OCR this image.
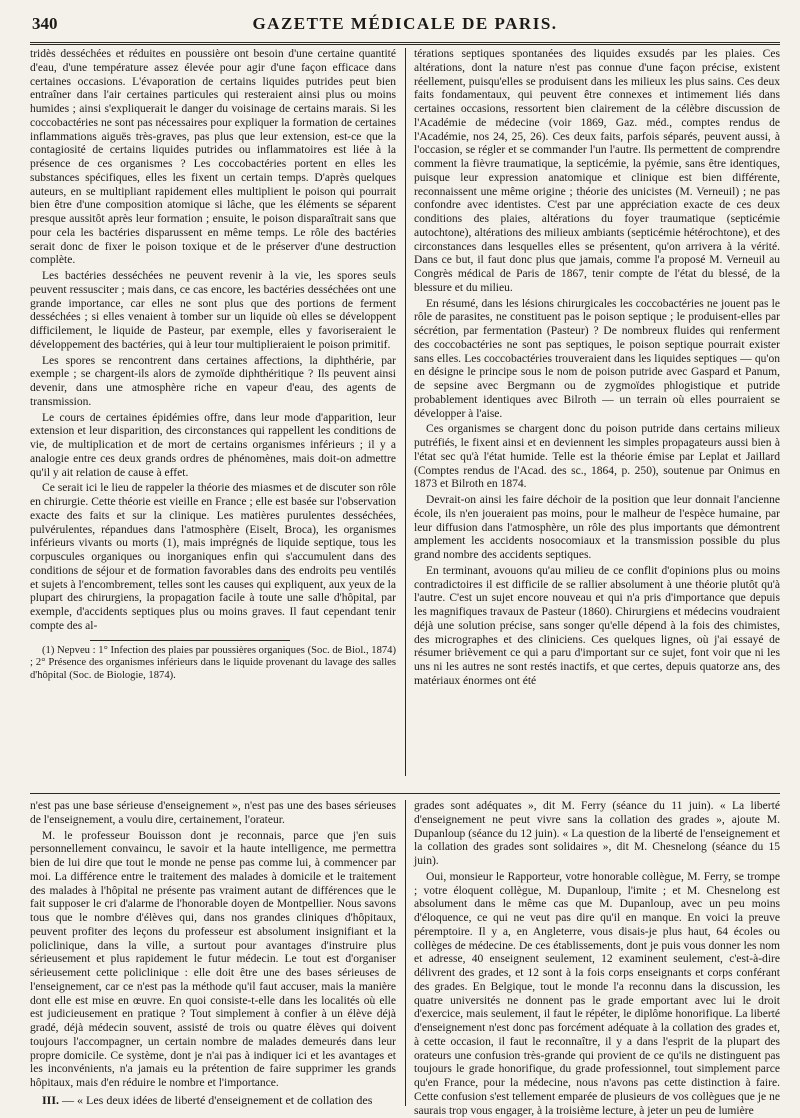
340	GAZETTE MÉDICALE DE PARIS.

tridès desséchées et réduites en poussière ont besoin d'une certaine quantité d'eau, d'une température assez élevée pour agir d'une façon efficace dans certaines occasions. L'évaporation de certains liquides putrides peut bien entraîner dans l'air certaines particules qui resteraient ainsi plus ou moins humides ; ainsi s'expliquerait le danger du voisinage de certains marais. Si les coccobactéries ne sont pas nécessaires pour expliquer la formation de certaines inflammations aiguës très-graves, pas plus que leur extension, est-ce que la contagiosité de certains liquides putrides ou inflammatoires est liée à la présence de ces organismes ? Les coccobactéries portent en elles les substances spécifiques, elles les fixent un certain temps. D'après quelques auteurs, en se multipliant rapidement elles multiplient le poison qui pourrait bien être d'une composition atomique si lâche, que les éléments se séparent presque aussitôt après leur formation ; ensuite, le poison disparaîtrait sans que pour cela les bactéries disparussent en même temps. Le rôle des bactéries serait donc de fixer le poison toxique et de le préserver d'une destruction complète.

Les bactéries desséchées ne peuvent revenir à la vie, les spores seuls peuvent ressusciter ; mais dans, ce cas encore, les bactéries desséchées ont une grande importance, car elles ne sont plus que des portions de ferment desséchées ; si elles venaient à tomber sur un liquide où elles se développent difficilement, le liquide de Pasteur, par exemple, elles y favoriseraient le développement des bactéries, qui à leur tour multiplieraient le poison primitif.

Les spores se rencontrent dans certaines affections, la diphthérie, par exemple ; se chargent-ils alors de zymoïde diphthéritique ? Ils peuvent ainsi devenir, dans une atmosphère riche en vapeur d'eau, des agents de transmission.

Le cours de certaines épidémies offre, dans leur mode d'apparition, leur extension et leur disparition, des circonstances qui rappellent les conditions de vie, de multiplication et de mort de certains organismes inférieurs ; il y a analogie entre ces deux grands ordres de phénomènes, mais doit-on admettre qu'il y ait relation de cause à effet.

Ce serait ici le lieu de rappeler la théorie des miasmes et de discuter son rôle en chirurgie. Cette théorie est vieille en France ; elle est basée sur l'observation exacte des faits et sur la clinique. Les matières purulentes desséchées, pulvérulentes, répandues dans l'atmosphère (Eiselt, Broca), les organismes inférieurs vivants ou morts (1), mais imprégnés de liquide septique, tous les corpuscules organiques ou inorganiques enfin qui s'accumulent dans des conditions de séjour et de formation favorables dans des endroits peu ventilés et sujets à l'encombrement, telles sont les causes qui expliquent, aux yeux de la plupart des chirurgiens, la propagation facile à toute une salle d'hôpital, par exemple, d'accidents septiques plus ou moins graves. Il faut cependant tenir compte des al-

(1) Nepveu : 1° Infection des plaies par poussières organiques (Soc. de Biol., 1874) ; 2° Présence des organismes inférieurs dans le liquide provenant du lavage des salles d'hôpital (Soc. de Biologie, 1874).

térations septiques spontanées des liquides exsudés par les plaies. Ces altérations, dont la nature n'est pas connue d'une façon précise, existent réellement, puisqu'elles se produisent dans les milieux les plus sains. Ces deux faits fondamentaux, qui peuvent être connexes et intimement liés dans certaines occasions, ressortent bien clairement de la célèbre discussion de l'Académie de médecine (voir 1869, Gaz. méd., comptes rendus de l'Académie, nos 24, 25, 26). Ces deux faits, parfois séparés, peuvent aussi, à l'occasion, se régler et se commander l'un l'autre. Ils permettent de comprendre comment la fièvre traumatique, la septicémie, la pyémie, sans être identiques, puisque leur expression anatomique et clinique est bien différente, reconnaissent une même origine ; théorie des unicistes (M. Verneuil) ; ne pas confondre avec identistes. C'est par une appréciation exacte de ces deux conditions des plaies, altérations du foyer traumatique (septicémie autochtone), altérations des milieux ambiants (septicémie hétérochtone), et des circonstances dans lesquelles elles se présentent, qu'on arrivera à la vérité. Dans ce but, il faut donc plus que jamais, comme l'a proposé M. Verneuil au Congrès médical de Paris de 1867, tenir compte de l'état du blessé, de la blessure et du milieu.

En résumé, dans les lésions chirurgicales les coccobactéries ne jouent pas le rôle de parasites, ne constituent pas le poison septique ; le produisent-elles par sécrétion, par fermentation (Pasteur) ? De nombreux fluides qui renferment des coccobactéries ne sont pas septiques, le poison septique pourrait exister sans elles. Les coccobactéries trouveraient dans les liquides septiques — qu'on en désigne le principe sous le nom de poison putride avec Gaspard et Panum, de sepsine avec Bergmann ou de zygmoïdes phlogistique et putride probablement identiques avec Bilroth — un terrain où elles pourraient se développer à l'aise.

Ces organismes se chargent donc du poison putride dans certains milieux putréfiés, le fixent ainsi et en deviennent les simples propagateurs aussi bien à l'état sec qu'à l'état humide. Telle est la théorie émise par Leplat et Jaillard (Comptes rendus de l'Acad. des sc., 1864, p. 250), soutenue par Onimus en 1873 et Bilroth en 1874.

Devrait-on ainsi les faire déchoir de la position que leur donnait l'ancienne école, ils n'en joueraient pas moins, pour le malheur de l'espèce humaine, par leur diffusion dans l'atmosphère, un rôle des plus importants que démontrent amplement les accidents nosocomiaux et la transmission possible du plus grand nombre des accidents septiques.

En terminant, avouons qu'au milieu de ce conflit d'opinions plus ou moins contradictoires il est difficile de se rallier absolument à une théorie plutôt qu'à l'autre. C'est un sujet encore nouveau et qui n'a pris d'importance que depuis les magnifiques travaux de Pasteur (1860). Chirurgiens et médecins voudraient déjà une solution précise, sans songer qu'elle dépend à la fois des chimistes, des micrographes et des cliniciens. Ces quelques lignes, où j'ai essayé de résumer brièvement ce qui a paru d'important sur ce sujet, font voir que ni les uns ni les autres ne sont restés inactifs, et que certes, depuis quatorze ans, des matériaux énormes ont été

n'est pas une base sérieuse d'enseignement », n'est pas une des bases sérieuses de l'enseignement, a voulu dire, certainement, l'orateur.

M. le professeur Bouisson dont je reconnais, parce que j'en suis personnellement convaincu, le savoir et la haute intelligence, me permettra bien de lui dire que tout le monde ne pense pas comme lui, à commencer par moi. La différence entre le traitement des malades à domicile et le traitement des malades à l'hôpital ne présente pas vraiment autant de différences que le fait supposer le cri d'alarme de l'honorable doyen de Montpellier. Nous savons tous que le nombre d'élèves qui, dans nos grandes cliniques d'hôpitaux, peuvent profiter des leçons du professeur est absolument insignifiant et la policlinique, dans la ville, a surtout pour avantages d'instruire plus sérieusement et plus rapidement le futur médecin. Le tout est d'organiser sérieusement cette policlinique : elle doit être une des bases sérieuses de l'enseignement, car ce n'est pas la méthode qu'il faut accuser, mais la manière dont elle est mise en œuvre. En quoi consiste-t-elle dans les localités où elle est judicieusement en pratique ? Tout simplement à confier à un élève déjà gradé, déjà médecin souvent, assisté de trois ou quatre élèves qui doivent toujours l'accompagner, un certain nombre de malades demeurés dans leur propre domicile. Ce système, dont je n'ai pas à indiquer ici et les avantages et les inconvénients, n'a jamais eu la prétention de faire supprimer les grands hôpitaux, mais d'en réduire le nombre et l'importance.

III. — « Les deux idées de liberté d'enseignement et de collation des

grades sont adéquates », dit M. Ferry (séance du 11 juin). « La liberté d'enseignement ne peut vivre sans la collation des grades », ajoute M. Dupanloup (séance du 12 juin). « La question de la liberté de l'enseignement et la collation des grades sont solidaires », dit M. Chesnelong (séance du 15 juin).

Oui, monsieur le Rapporteur, votre honorable collègue, M. Ferry, se trompe ; votre éloquent collègue, M. Dupanloup, l'imite ; et M. Chesnelong est absolument dans le même cas que M. Dupanloup, avec un peu moins d'éloquence, ce qui ne veut pas dire qu'il en manque. En voici la preuve péremptoire. Il y a, en Angleterre, vous disais-je plus haut, 64 écoles ou collèges de médecine. De ces établissements, dont je puis vous donner les nom et adresse, 40 enseignent seulement, 12 examinent seulement, c'est-à-dire délivrent des grades, et 12 sont à la fois corps enseignants et corps conférant des grades. En Belgique, tout le monde l'a reconnu dans la discussion, les quatre universités ne donnent pas le grade emportant avec lui le droit d'exercice, mais seulement, il faut le répéter, le diplôme honorifique. La liberté d'enseignement n'est donc pas forcément adéquate à la collation des grades et, à cette occasion, il faut le reconnaître, il y a dans l'esprit de la plupart des orateurs une confusion très-grande qui provient de ce qu'ils ne distinguent pas toujours le grade honorifique, du grade professionnel, tout simplement parce qu'en France, pour la médecine, nous n'avons pas cette distinction à faire. Cette confusion s'est tellement emparée de plusieurs de vos collègues que je ne saurais trop vous engager, à la troisième lecture, à jeter un peu de lumière
